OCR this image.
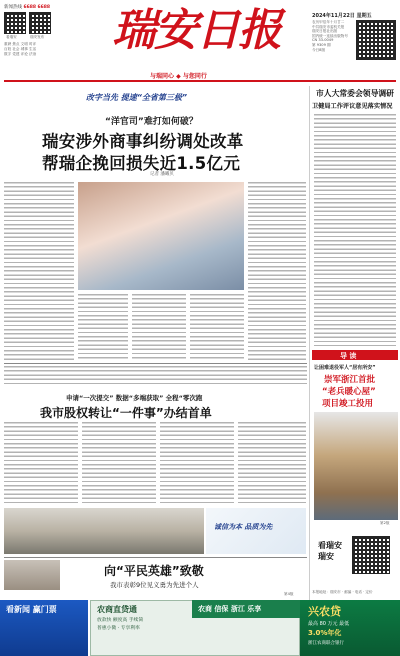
新闻热线 6688 6688
看瑞安	瑞安发布
重磅 焦点 文明 时评
百姓 社会 城事 生活
数字 党建 评论 法治 瑞安日报
与瑞同心 ◆ 与您同行
2024年11月22日 星期五
农历甲辰年十月廿二
中共瑞安市委机关报
瑞安日报社出版
国内统一连续出版物号
CN 33-0049
第 9309 期
今日8版
改字当先 提速“全省第三极”
“洋官司”难打如何破？
瑞安涉外商事纠纷调处改革
帮瑞企挽回损失近1.5亿元
记者 潘曦贝
市人大常委会领导调研
卫健局工作评议意见落实情况
导 读
让困难退役军人“居有所安”
崇军浙江首批
“老兵暖心屋”
项目竣工投用
第2版
看瑞安
瑞安
本报地址：瑞安市 · 邮编 · 电话 · 定价
申请“一次提交” 数据“多端获取” 全程“零次跑
我市股权转让“一件事”办结首单
诚信为本 品质为先
向“平民英雄”致敬
我市表彰9位见义勇为先进个人
第4版
看新闻 赢门票	农商直贷通
放款快 额度高 手续简
普惠小微 · 专享利率
农商 信保 浙江 乐享	兴农贷
最高 80 万元 最低
3.0%年化
浙江农商联合银行
